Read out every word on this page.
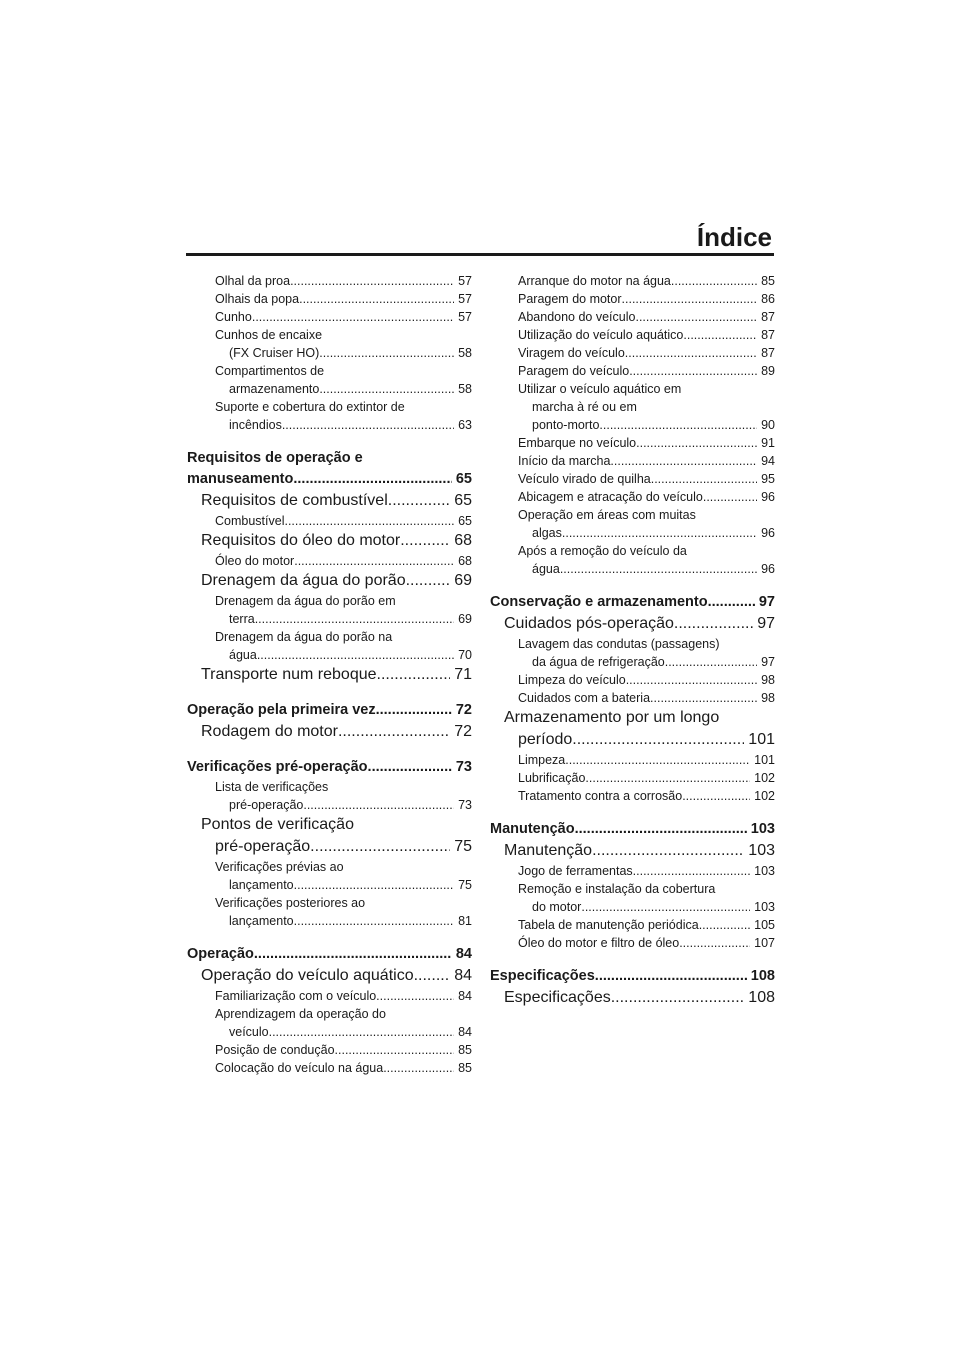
Índice
Olhal da proa .....	57
Olhais da popa .....	57
Cunho .....	57
Cunhos de encaixe
(FX Cruiser HO) .....	58
Compartimentos de
armazenamento .....	58
Suporte e cobertura do extintor de
incêndios .....	63
Requisitos de operação e
manuseamento .....	65
Requisitos de combustível .....	65
Combustível .....	65
Requisitos do óleo do motor .....	68
Óleo do motor .....	68
Drenagem da água do porão .....	69
Drenagem da água do porão em
terra .....	69
Drenagem da água do porão na
água .....	70
Transporte num reboque .....	71
Operação pela primeira vez .....	72
Rodagem do motor .....	72
Verificações pré-operação .....	73
Lista de verificações
pré-operação .....	73
Pontos de verificação
pré-operação .....	75
Verificações prévias ao
lançamento .....	75
Verificações posteriores ao
lançamento .....	81
Operação .....	84
Operação do veículo aquático .....	84
Familiarização com o veículo .....	84
Aprendizagem da operação do
veículo .....	84
Posição de condução .....	85
Colocação do veículo na água .....	85
Arranque do motor na água .....	85
Paragem do motor .....	86
Abandono do veículo .....	87
Utilização do veículo aquático .....	87
Viragem do veículo .....	87
Paragem do veículo .....	89
Utilizar o veículo aquático em
marcha à ré ou em
ponto-morto .....	90
Embarque no veículo .....	91
Início da marcha .....	94
Veículo virado de quilha .....	95
Abicagem e atracação do veículo .....	96
Operação em áreas com muitas
algas .....	96
Após a remoção do veículo da
água .....	96
Conservação e armazenamento .....	97
Cuidados pós-operação .....	97
Lavagem das condutas (passagens)
da água de refrigeração .....	97
Limpeza do veículo .....	98
Cuidados com a bateria .....	98
Armazenamento por um longo
período .....	101
Limpeza .....	101
Lubrificação .....	102
Tratamento contra a corrosão .....	102
Manutenção .....	103
Manutenção .....	103
Jogo de ferramentas .....	103
Remoção e instalação da cobertura
do motor .....	103
Tabela de manutenção periódica .....	105
Óleo do motor e filtro de óleo .....	107
Especificações .....	108
Especificações .....	108
